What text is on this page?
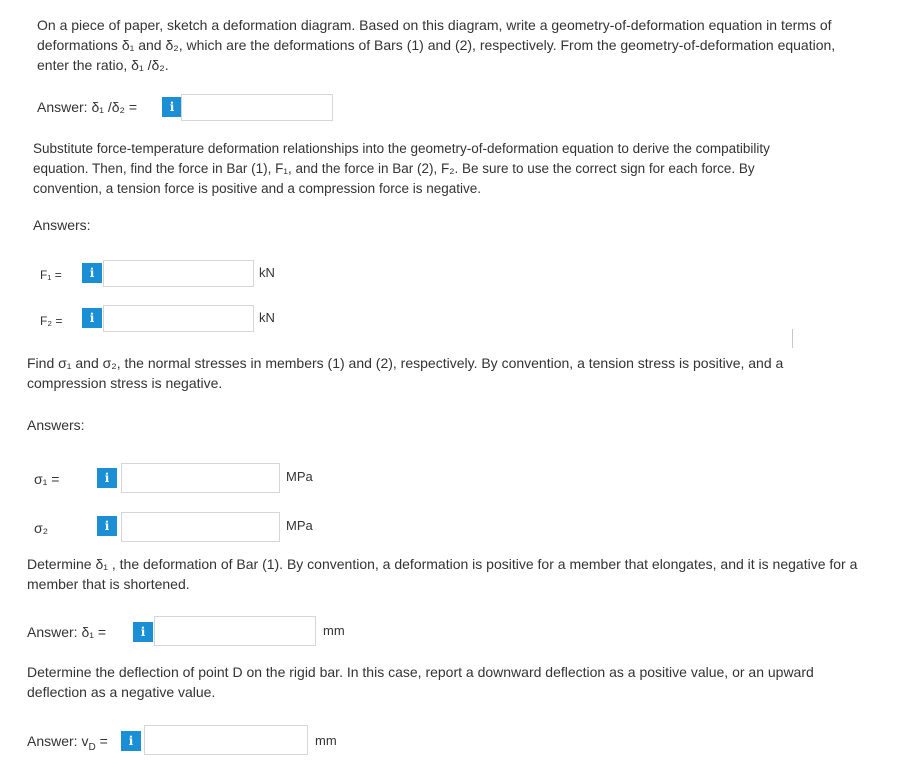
On a piece of paper, sketch a deformation diagram. Based on this diagram, write a geometry-of-deformation equation in terms of deformations δ₁ and δ₂, which are the deformations of Bars (1) and (2), respectively. From the geometry-of-deformation equation, enter the ratio, δ₁ /δ₂.
Answer: δ₁ /δ₂ =	i
Substitute force-temperature deformation relationships into the geometry-of-deformation equation to derive the compatibility equation. Then, find the force in Bar (1), F₁, and the force in Bar (2), F₂. Be sure to use the correct sign for each force. By convention, a tension force is positive and a compression force is negative.
Answers:
F₁ =	i	kN
F₂ =	i	kN
Find σ₁ and σ₂, the normal stresses in members (1) and (2), respectively. By convention, a tension stress is positive, and a compression stress is negative.
Answers:
σ₁ =	i	MPa
σ₂	i	MPa
Determine δ₁ , the deformation of Bar (1). By convention, a deformation is positive for a member that elongates, and it is negative for a member that is shortened.
Answer: δ₁ =	i	mm
Determine the deflection of point D on the rigid bar. In this case, report a downward deflection as a positive value, or an upward deflection as a negative value.
Answer: $v_D$ =	i	mm
